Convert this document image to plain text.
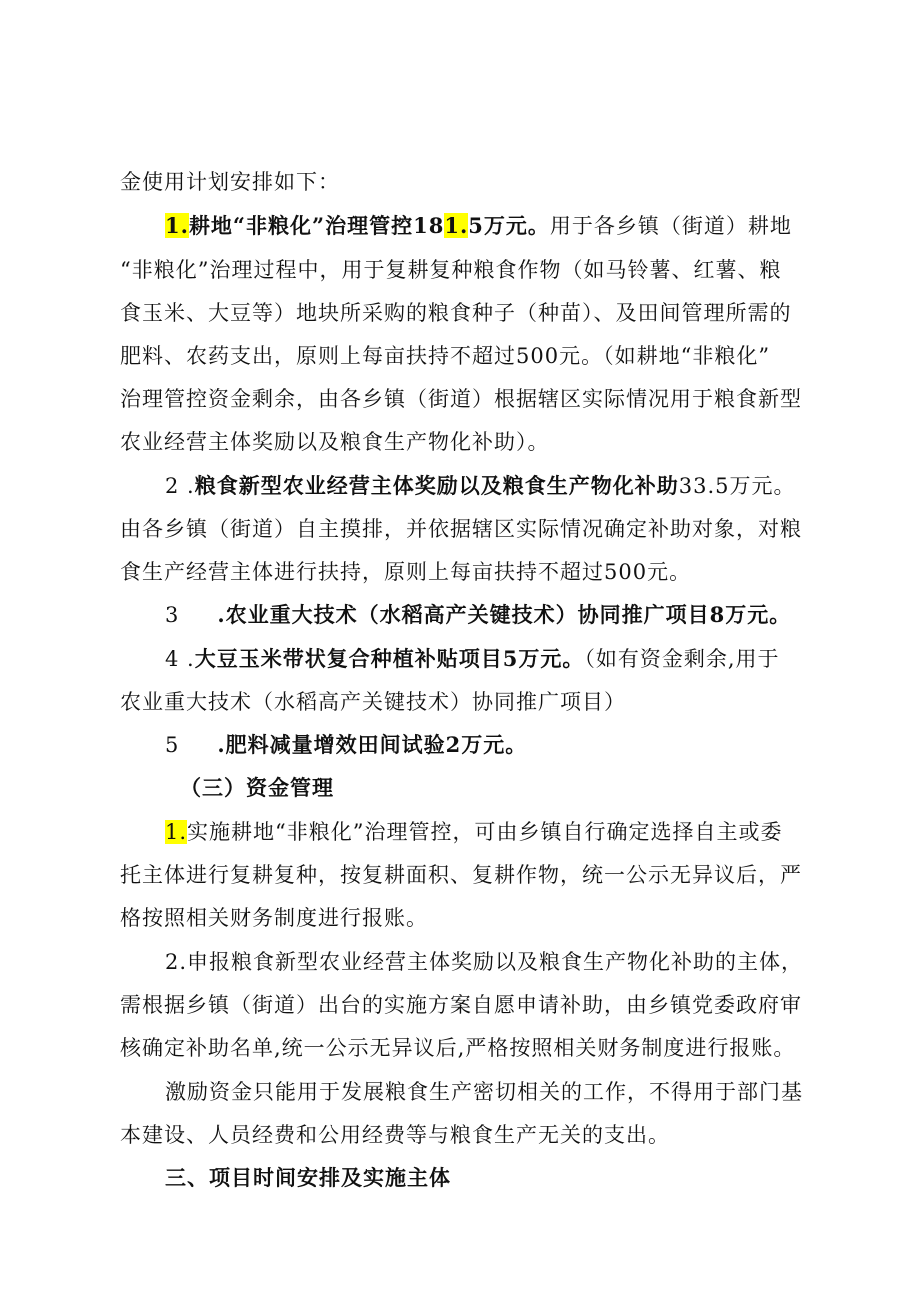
金使用计划安排如下：
1.耕地“非粮化”治理管控181.5万元。用于各乡镇（街道）耕地
“非粮化”治理过程中，用于复耕复种粮食作物（如马铃薯、红薯、粮
食玉米、大豆等）地块所采购的粮食种子（种苗）、及田间管理所需的
肥料、农药支出，原则上每亩扶持不超过500元。（如耕地“非粮化”
治理管控资金剩余，由各乡镇（街道）根据辖区实际情况用于粮食新型
农业经营主体奖励以及粮食生产物化补助）。
2 .粮食新型农业经营主体奖励以及粮食生产物化补助33.5万元。
由各乡镇（街道）自主摸排，并依据辖区实际情况确定补助对象，对粮
食生产经营主体进行扶持，原则上每亩扶持不超过500元。
3 .农业重大技术（水稻高产关键技术）协同推广项目8万元。
4 .大豆玉米带状复合种植补贴项目5万元。（如有资金剩余,用于
农业重大技术（水稻高产关键技术）协同推广项目）
5 .肥料减量增效田间试验2万元。
（三）资金管理
1.实施耕地“非粮化”治理管控，可由乡镇自行确定选择自主或委
托主体进行复耕复种，按复耕面积、复耕作物，统一公示无异议后，严
格按照相关财务制度进行报账。
2.申报粮食新型农业经营主体奖励以及粮食生产物化补助的主体，
需根据乡镇（街道）出台的实施方案自愿申请补助，由乡镇党委政府审
核确定补助名单,统一公示无异议后,严格按照相关财务制度进行报账。
激励资金只能用于发展粮食生产密切相关的工作，不得用于部门基
本建设、人员经费和公用经费等与粮食生产无关的支出。
三、项目时间安排及实施主体
